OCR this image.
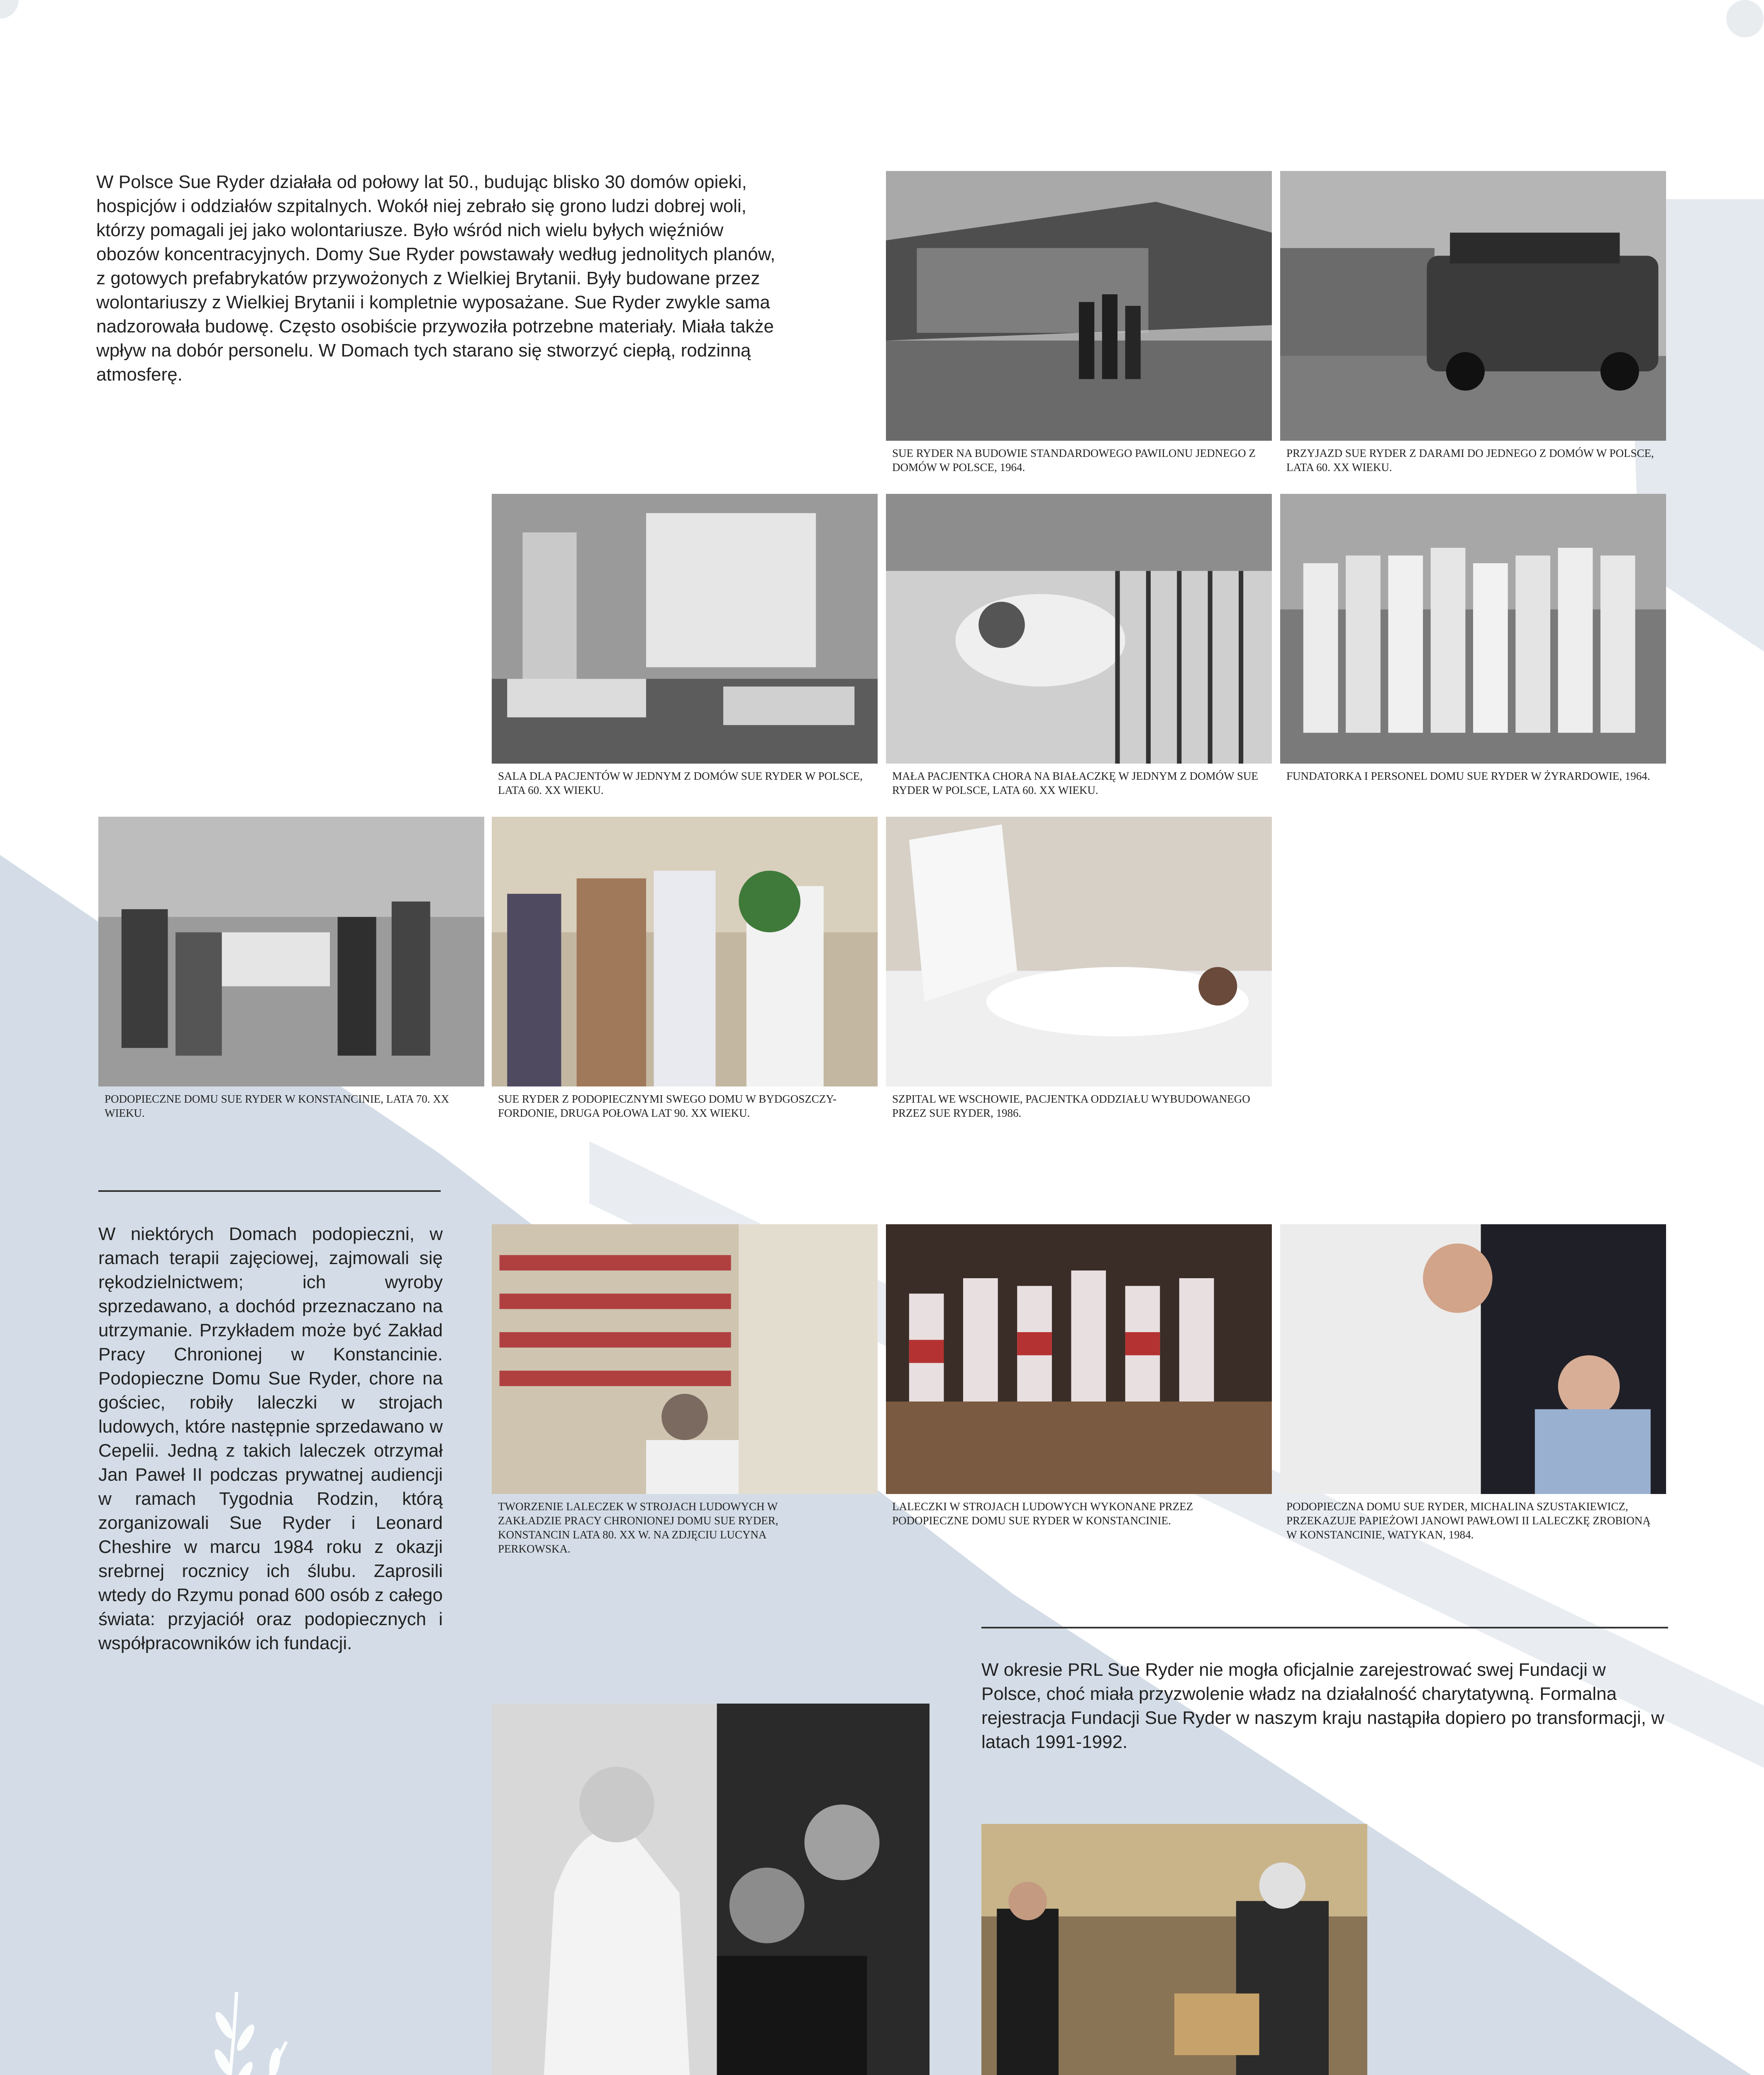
W Polsce Sue Ryder działała od połowy lat 50., budując blisko 30 domów opieki, hospicjów i oddziałów szpitalnych. Wokół niej zebrało się grono ludzi dobrej woli, którzy pomagali jej jako wolontariusze. Było wśród nich wielu byłych więźniów obozów koncentracyjnych. Domy Sue Ryder powstawały według jednolitych planów, z gotowych prefabrykatów przywożonych z Wielkiej Brytanii. Były budowane przez wolontariuszy z Wielkiej Brytanii i kompletnie wyposażane. Sue Ryder zwykle sama nadzorowała budowę. Często osobiście przywoziła potrzebne materiały. Miała także wpływ na dobór personelu. W Domach tych starano się stworzyć ciepłą, rodzinną atmosferę.
SUE RYDER NA BUDOWIE STANDARDOWEGO PAWILONU JEDNEGO Z DOMÓW W POLSCE, 1964.
PRZYJAZD SUE RYDER Z DARAMI DO JEDNEGO Z DOMÓW W POLSCE, LATA 60. XX WIEKU.
SALA DLA PACJENTÓW W JEDNYM Z DOMÓW SUE RYDER W POLSCE, LATA 60. XX WIEKU.
MAŁA PACJENTKA CHORA NA BIAŁACZKĘ W JEDNYM Z DOMÓW SUE RYDER W POLSCE, LATA 60. XX WIEKU.
FUNDATORKA I PERSONEL DOMU SUE RYDER W ŻYRARDOWIE, 1964.
PODOPIECZNE DOMU SUE RYDER W KONSTANCINIE, LATA 70. XX WIEKU.
SUE RYDER Z PODOPIECZNYMI SWEGO DOMU W BYDGOSZCZY-FORDONIE, DRUGA POŁOWA LAT 90. XX WIEKU.
SZPITAL WE WSCHOWIE, PACJENTKA ODDZIAŁU WYBUDOWANEGO PRZEZ SUE RYDER, 1986.
W niektórych Domach podopieczni, w ramach terapii zajęciowej, zajmowali się rękodzielnictwem; ich wyroby sprzedawano, a dochód przeznaczano na utrzymanie. Przykładem może być Zakład Pracy Chronionej w Konstancinie. Podopieczne Domu Sue Ryder, chore na gościec, robiły laleczki w strojach ludowych, które następnie sprzedawano w Cepelii. Jedną z takich laleczek otrzymał Jan Paweł II podczas prywatnej audiencji w ramach Tygodnia Rodzin, którą zorganizowali Sue Ryder i Leonard Cheshire w marcu 1984 roku z okazji srebrnej rocznicy ich ślubu. Zaprosili wtedy do Rzymu ponad 600 osób z całego świata: przyjaciół oraz podopiecznych i współpracowników ich fundacji.
TWORZENIE LALECZEK W STROJACH LUDOWYCH W ZAKŁADZIE PRACY CHRONIONEJ DOMU SUE RYDER, KONSTANCIN LATA 80. XX W. NA ZDJĘCIU LUCYNA PERKOWSKA.
LALECZKI W STROJACH LUDOWYCH WYKONANE PRZEZ PODOPIECZNE DOMU SUE RYDER W KONSTANCINIE.
PODOPIECZNA DOMU SUE RYDER, MICHALINA SZUSTAKIEWICZ, PRZEKAZUJE PAPIEŻOWI JANOWI PAWŁOWI II LALECZKĘ ZROBIONĄ W KONSTANCINIE, WATYKAN, 1984.
W okresie PRL Sue Ryder nie mogła oficjalnie zarejestrować swej Fundacji w Polsce, choć miała przyzwolenie władz na działalność charytatywną. Formalna rejestracja Fundacji Sue Ryder w naszym kraju nastąpiła dopiero po transformacji, w latach 1991-1992.
